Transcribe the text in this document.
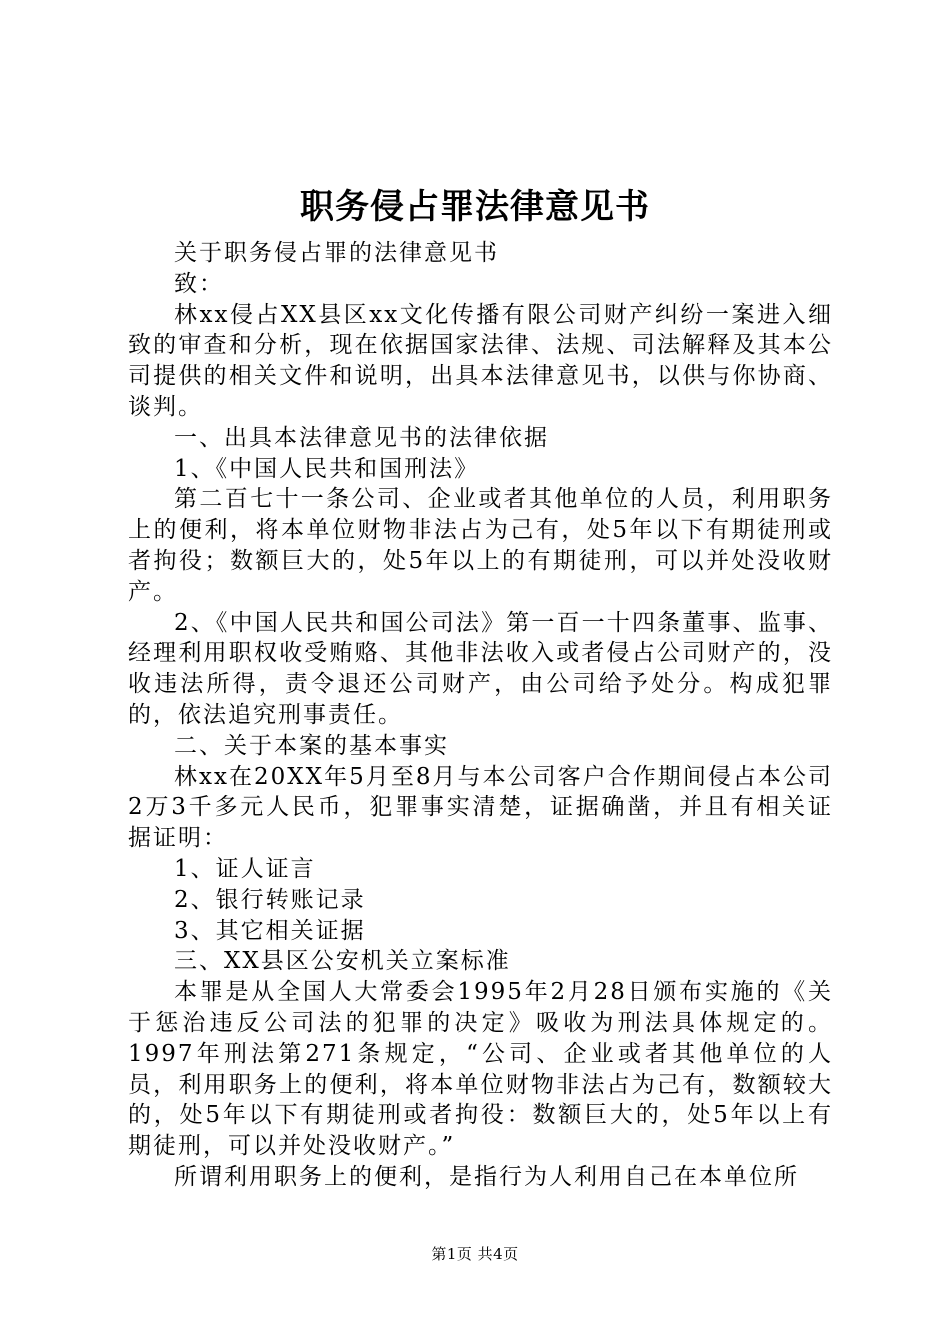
职务侵占罪法律意见书

关于职务侵占罪的法律意见书

致：

林xx侵占XX县区xx文化传播有限公司财产纠纷一案进入细致的审查和分析，现在依据国家法律、法规、司法解释及其本公司提供的相关文件和说明，出具本法律意见书，以供与你协商、谈判。

一、出具本法律意见书的法律依据

1、《中国人民共和国刑法》

第二百七十一条公司、企业或者其他单位的人员，利用职务上的便利，将本单位财物非法占为己有，处5年以下有期徒刑或者拘役；数额巨大的，处5年以上的有期徒刑，可以并处没收财产。

2、《中国人民共和国公司法》第一百一十四条董事、监事、经理利用职权收受贿赂、其他非法收入或者侵占公司财产的，没收违法所得，责令退还公司财产，由公司给予处分。构成犯罪的，依法追究刑事责任。

二、关于本案的基本事实

林xx在20XX年5月至8月与本公司客户合作期间侵占本公司2万3千多元人民币，犯罪事实清楚，证据确凿，并且有相关证据证明：

1、证人证言

2、银行转账记录

3、其它相关证据

三、XX县区公安机关立案标准

本罪是从全国人大常委会1995年2月28日颁布实施的《关于惩治违反公司法的犯罪的决定》吸收为刑法具体规定的。1997年刑法第271条规定，“公司、企业或者其他单位的人员，利用职务上的便利，将本单位财物非法占为己有，数额较大的，处5年以下有期徒刑或者拘役：数额巨大的，处5年以上有期徒刑，可以并处没收财产。”

所谓利用职务上的便利，是指行为人利用自己在本单位所

第1页 共4页
